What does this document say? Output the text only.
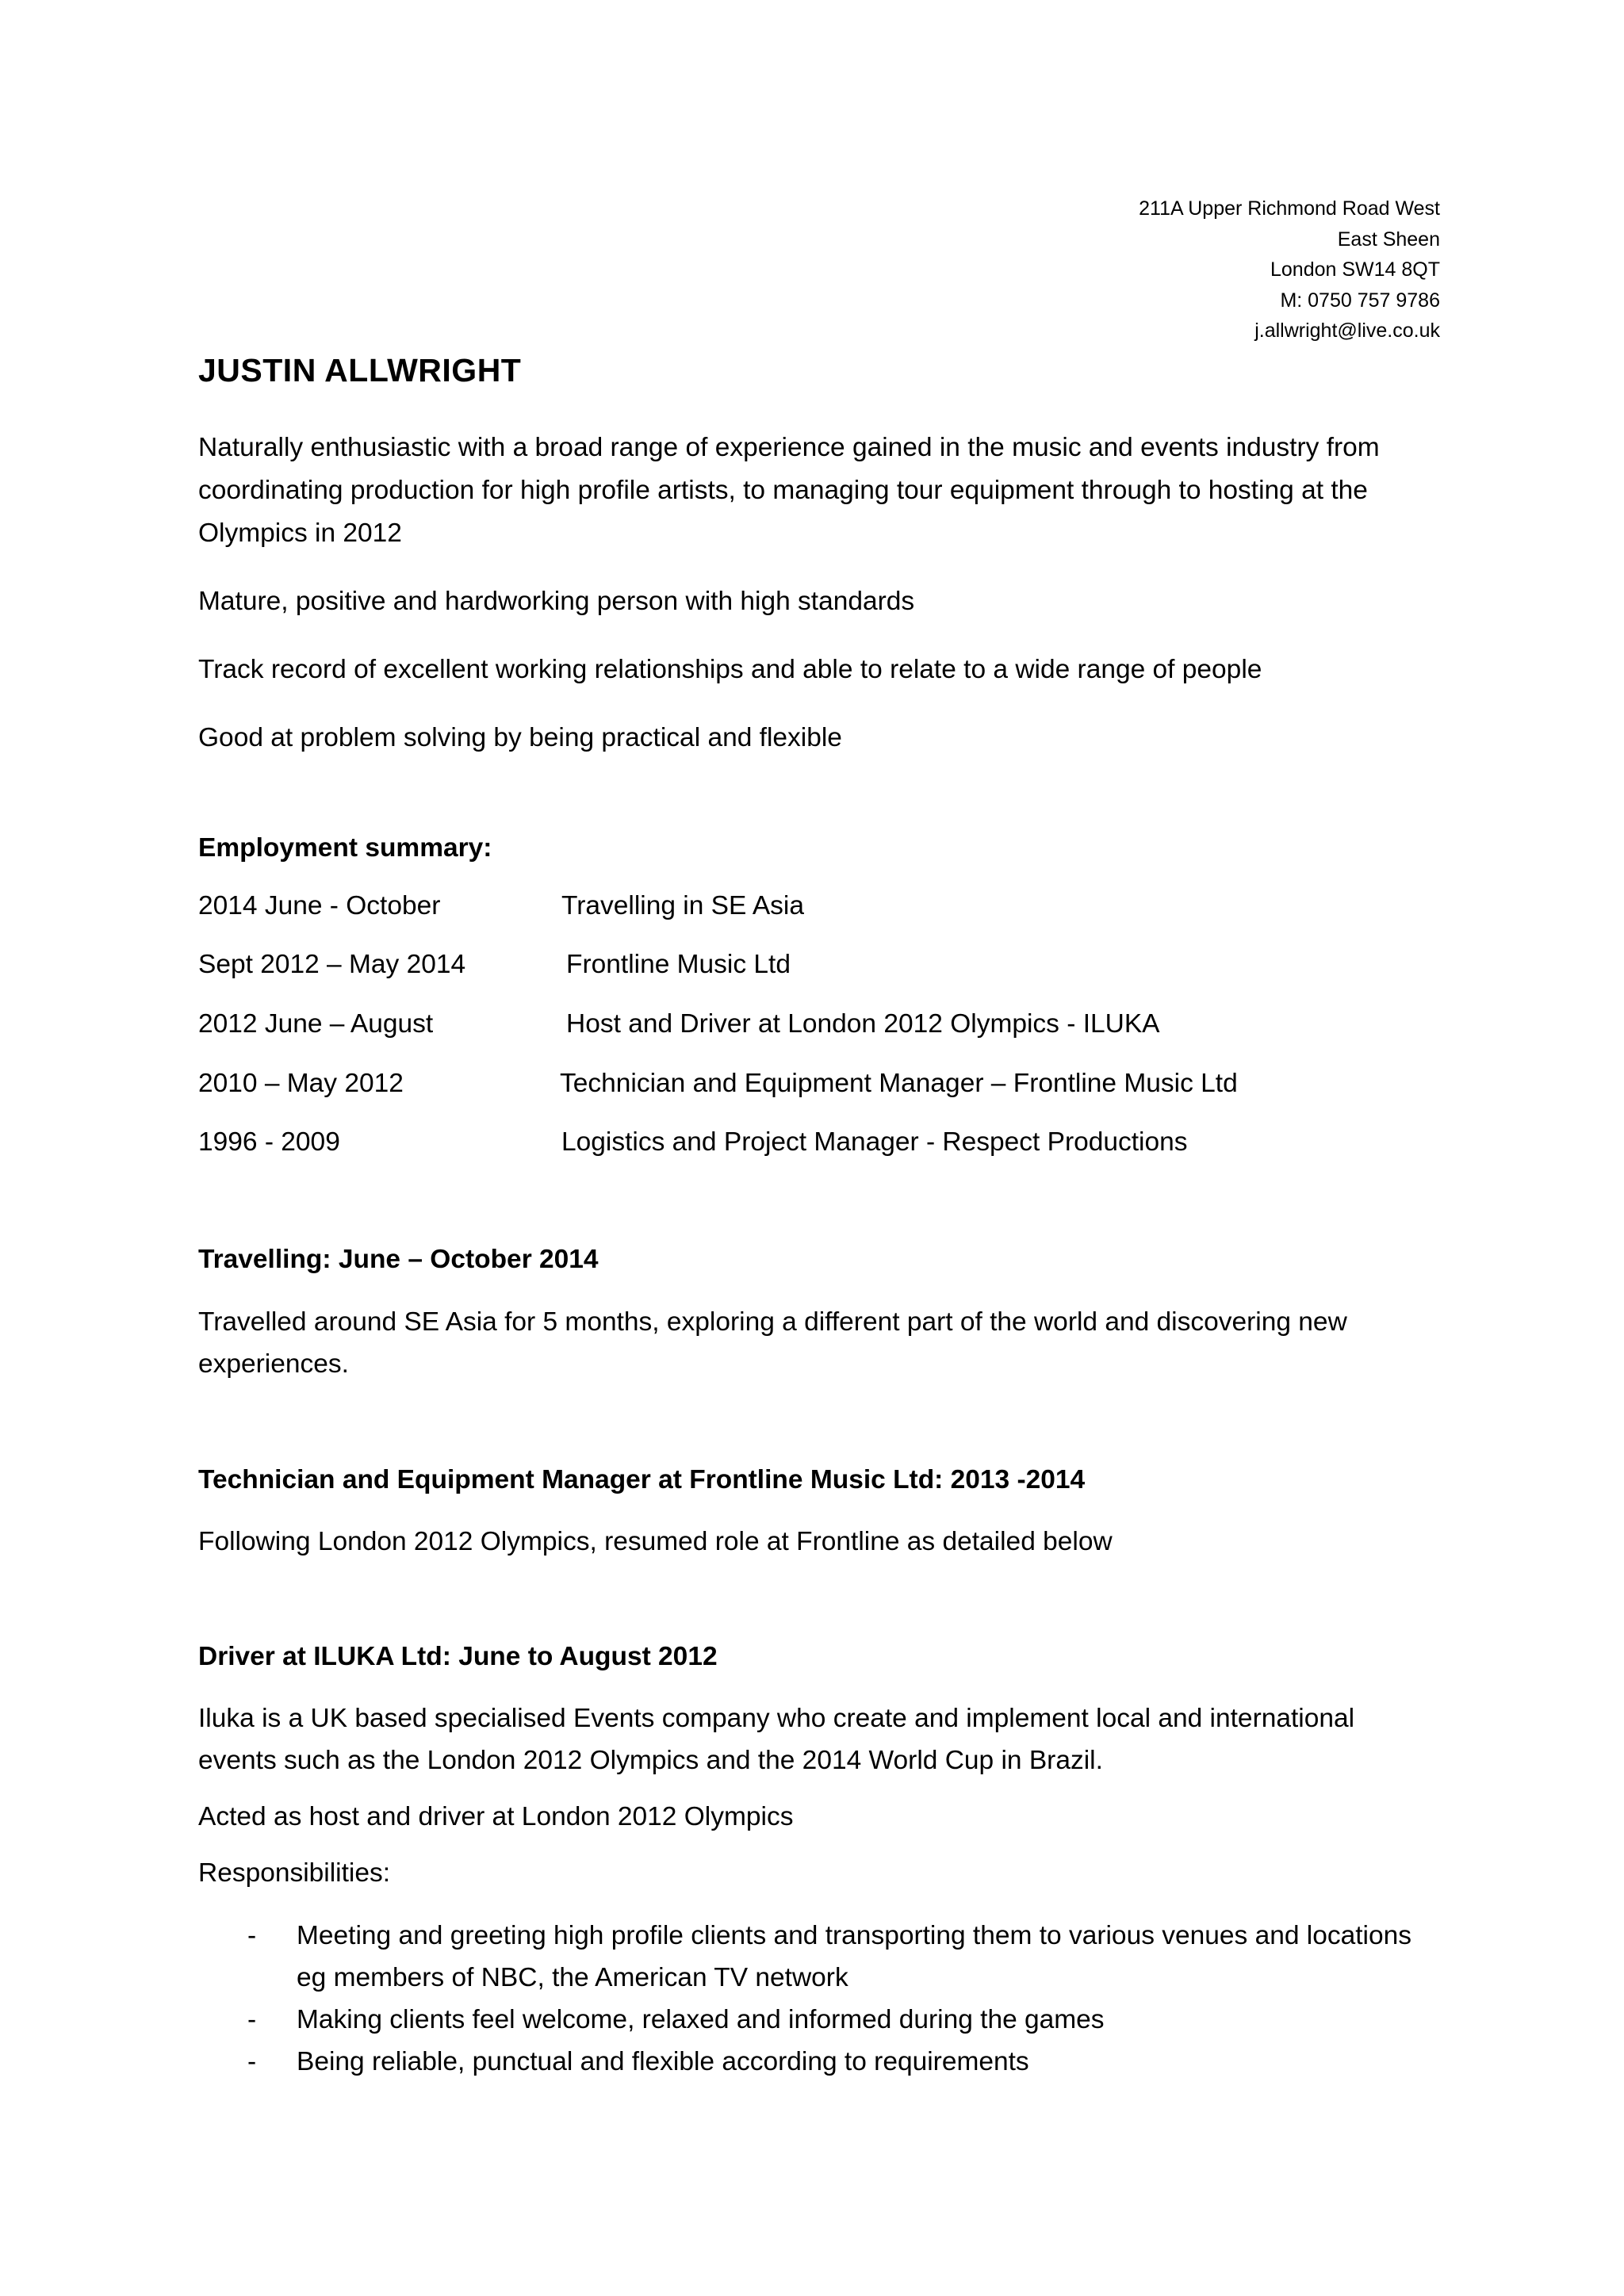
211A Upper Richmond Road West
East Sheen
London SW14 8QT
M: 0750 757 9786
j.allwright@live.co.uk
JUSTIN ALLWRIGHT

Naturally enthusiastic with a broad range of experience gained in the music and events industry from coordinating production for high profile artists, to managing tour equipment through to hosting at the Olympics in 2012

Mature, positive and hardworking person with high standards

Track record of excellent working relationships and able to relate to a wide range of people

Good at problem solving by being practical and flexible

Employment summary:
2014 June - October	Travelling in SE Asia
Sept 2012 – May 2014	Frontline Music Ltd
2012 June – August	Host and Driver at London 2012 Olympics - ILUKA
2010 – May 2012	Technician and Equipment Manager – Frontline Music Ltd
1996 - 2009	Logistics and Project Manager - Respect Productions
Travelling: June – October 2014

Travelled around SE Asia for 5 months, exploring a different part of the world and discovering new experiences.

Technician and Equipment Manager at Frontline Music Ltd: 2013 -2014

Following London 2012 Olympics, resumed role at Frontline as detailed below

Driver at ILUKA Ltd: June to August 2012

Iluka is a UK based specialised Events company who create and implement local and international events such as the London 2012 Olympics and the 2014 World Cup in Brazil.

Acted as host and driver at London 2012 Olympics

Responsibilities:

- Meeting and greeting high profile clients and transporting them to various venues and locations eg members of NBC, the American TV network
- Making clients feel welcome, relaxed and informed during the games
- Being reliable, punctual and flexible according to requirements
